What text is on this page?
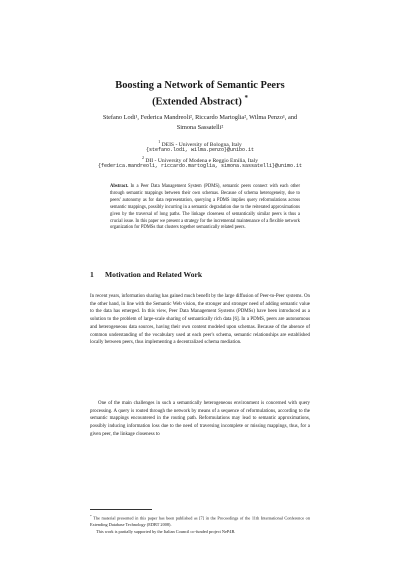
Boosting a Network of Semantic Peers
(Extended Abstract) *
Stefano Lodi¹, Federica Mandreoli², Riccardo Martoglia², Wilma Penzo¹, and
Simona Sassatelli²
$^1$ DEIS - University of Bologna, Italy
{stefano.lodi, wilma.penzo}@unibo.it
$^2$ DII - University of Modena e Reggio Emilia, Italy
{federica.mandreoli, riccardo.martoglia, simona.sassatelli}@unimo.it
Abstract. In a Peer Data Management System (PDMS), semantic peers connect with each other through semantic mappings between their own schemas. Because of schema heterogeneity, due to peers' autonomy as for data representation, querying a PDMS implies query reformulations across semantic mappings, possibly incurring in a semantic degradation due to the reiterated approximations given by the traversal of long paths. The linkage closeness of semantically similar peers is thus a crucial issue. In this paper we present a strategy for the incremental maintenance of a flexible network organization for PDMSs that clusters together semantically related peers.
1 Motivation and Related Work
In recent years, information sharing has gained much benefit by the large diffusion of Peer-to-Peer systems. On the other hand, in line with the Semantic Web vision, the stronger and stronger need of adding semantic value to the data has emerged. In this view, Peer Data Management Systems (PDMSs) have been introduced as a solution to the problem of large-scale sharing of semantically rich data [6]. In a PDMS, peers are autonomous and heterogeneous data sources, having their own content modeled upon schemas. Because of the absence of common understanding of the vocabulary used at each peer's schema, semantic relationships are established locally between peers, thus implementing a decentralized schema mediation.
One of the main challenges in such a semantically heterogeneous environment is concerned with query processing. A query is routed through the network by means of a sequence of reformulations, according to the semantic mappings encountered in the routing path. Reformulations may lead to semantic approximations, possibly inducing information loss due to the need of traversing incomplete or missing mappings, thus, for a given peer, the linkage closeness to
* The material presented in this paper has been published as [7] in the Proceedings of the 11th International Conference on Extending Database Technology (EDBT 2008).
This work is partially supported by the Italian Council co-funded project NeP4B.
